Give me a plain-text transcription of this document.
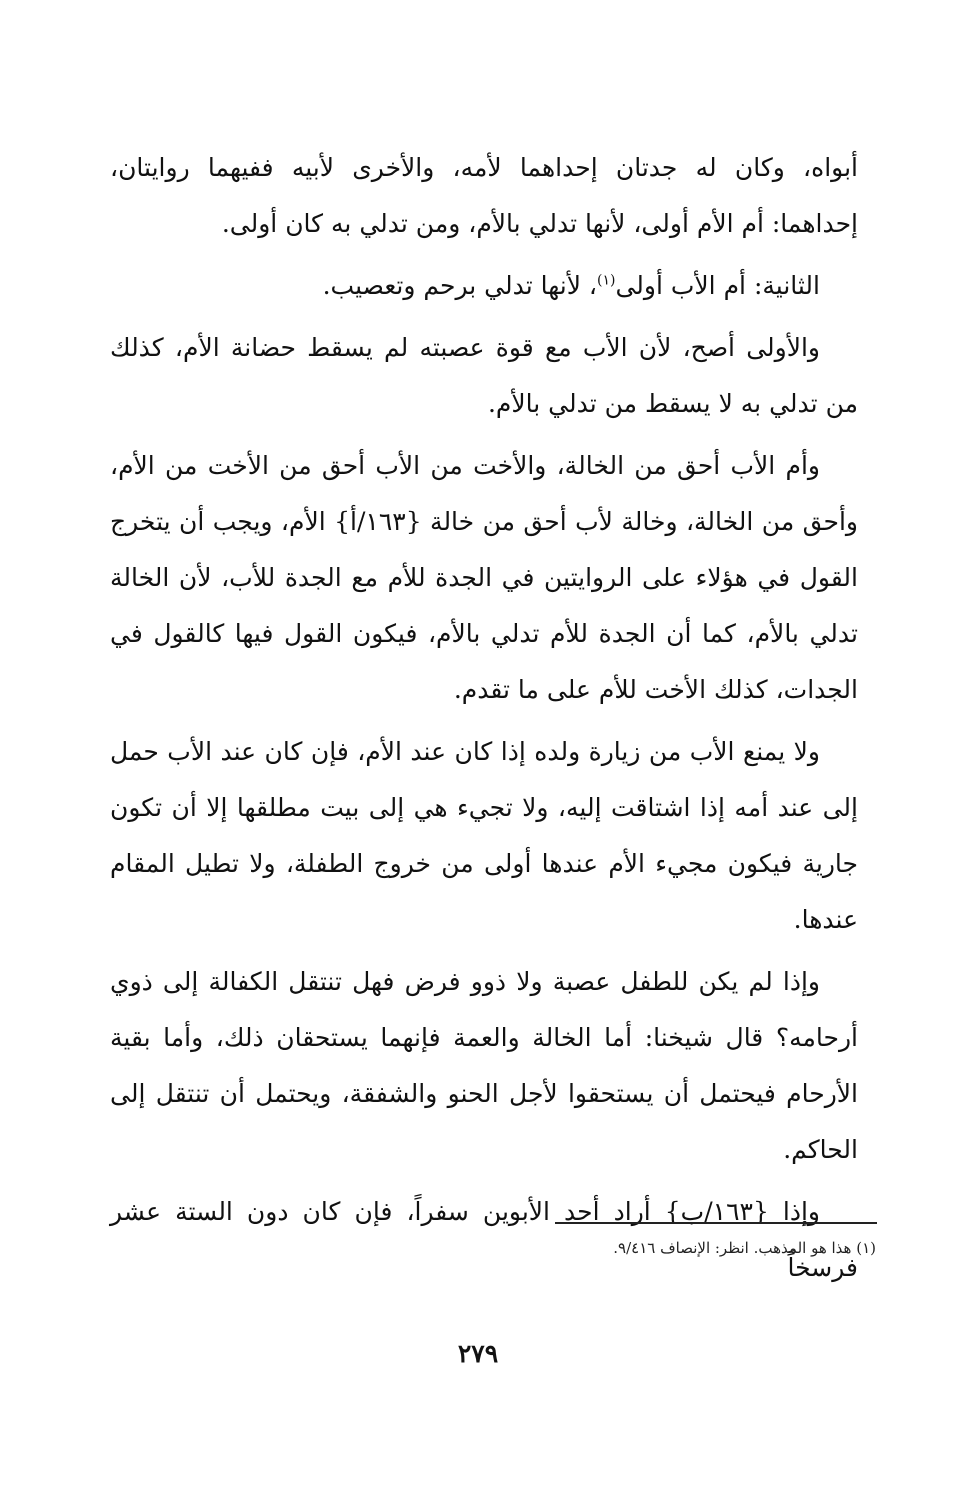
أبواه، وكان له جدتان إحداهما لأمه، والأخرى لأبيه ففيهما روايتان، إحداهما: أم الأم أولى، لأنها تدلي بالأم، ومن تدلي به كان أولى.

الثانية: أم الأب أولى$^{(١)}$، لأنها تدلي برحم وتعصيب.

والأولى أصح، لأن الأب مع قوة عصبته لم يسقط حضانة الأم، كذلك من تدلي به لا يسقط من تدلي بالأم.

وأم الأب أحق من الخالة، والأخت من الأب أحق من الأخت من الأم، وأحق من الخالة، وخالة لأب أحق من خالة {١٦٣/أ} الأم، ويجب أن يتخرج القول في هؤلاء على الروايتين في الجدة للأم مع الجدة للأب، لأن الخالة تدلي بالأم، كما أن الجدة للأم تدلي بالأم، فيكون القول فيها كالقول في الجدات، كذلك الأخت للأم على ما تقدم.

ولا يمنع الأب من زيارة ولده إذا كان عند الأم، فإن كان عند الأب حمل إلى عند أمه إذا اشتاقت إليه، ولا تجيء هي إلى بيت مطلقها إلا أن تكون جارية فيكون مجيء الأم عندها أولى من خروج الطفلة، ولا تطيل المقام عندها.

وإذا لم يكن للطفل عصبة ولا ذوو فرض فهل تنتقل الكفالة إلى ذوي أرحامه؟ قال شيخنا: أما الخالة والعمة فإنهما يستحقان ذلك، وأما بقية الأرحام فيحتمل أن يستحقوا لأجل الحنو والشفقة، ويحتمل أن تنتقل إلى الحاكم.

وإذا {١٦٣/ب} أراد أحد الأبوين سفراً، فإن كان دون الستة عشر فرسخاً

(١) هذا هو المذهب. انظر: الإنصاف ٩/٤١٦.
٢٧٩
